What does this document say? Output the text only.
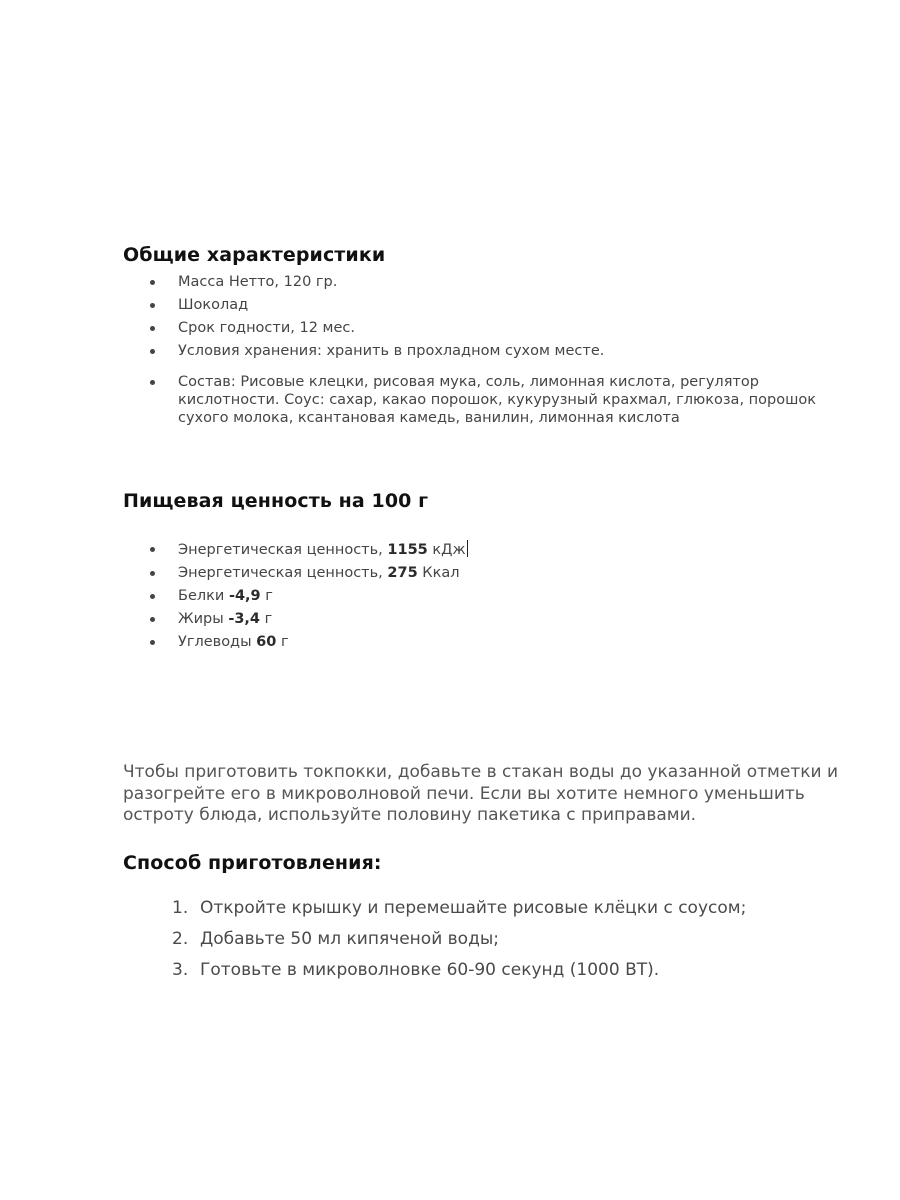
Общие характеристики
Масса Нетто, 120 гр.
Шоколад
Срок годности, 12 мес.
Условия хранения: хранить в прохладном сухом месте.
Состав: Рисовые клецки, рисовая мука, соль, лимонная кислота, регулятор кислотности. Соус: сахар, какао порошок, кукурузный крахмал, глюкоза, порошок сухого молока, ксантановая камедь, ванилин, лимонная кислота
Пищевая ценность на 100 г
Энергетическая ценность, 1155 кДж
Энергетическая ценность, 275 Ккал
Белки -4,9 г
Жиры -3,4 г
Углеводы 60 г

Чтобы приготовить токпокки, добавьте в стакан воды до указанной отметки и разогрейте его в микроволновой печи. Если вы хотите немного уменьшить остроту блюда, используйте половину пакетика с приправами.

Способ приготовления:
1. Откройте крышку и перемешайте рисовые клёцки с соусом;
2. Добавьте 50 мл кипяченой воды;
3. Готовьте в микроволновке 60-90 секунд (1000 ВТ).
